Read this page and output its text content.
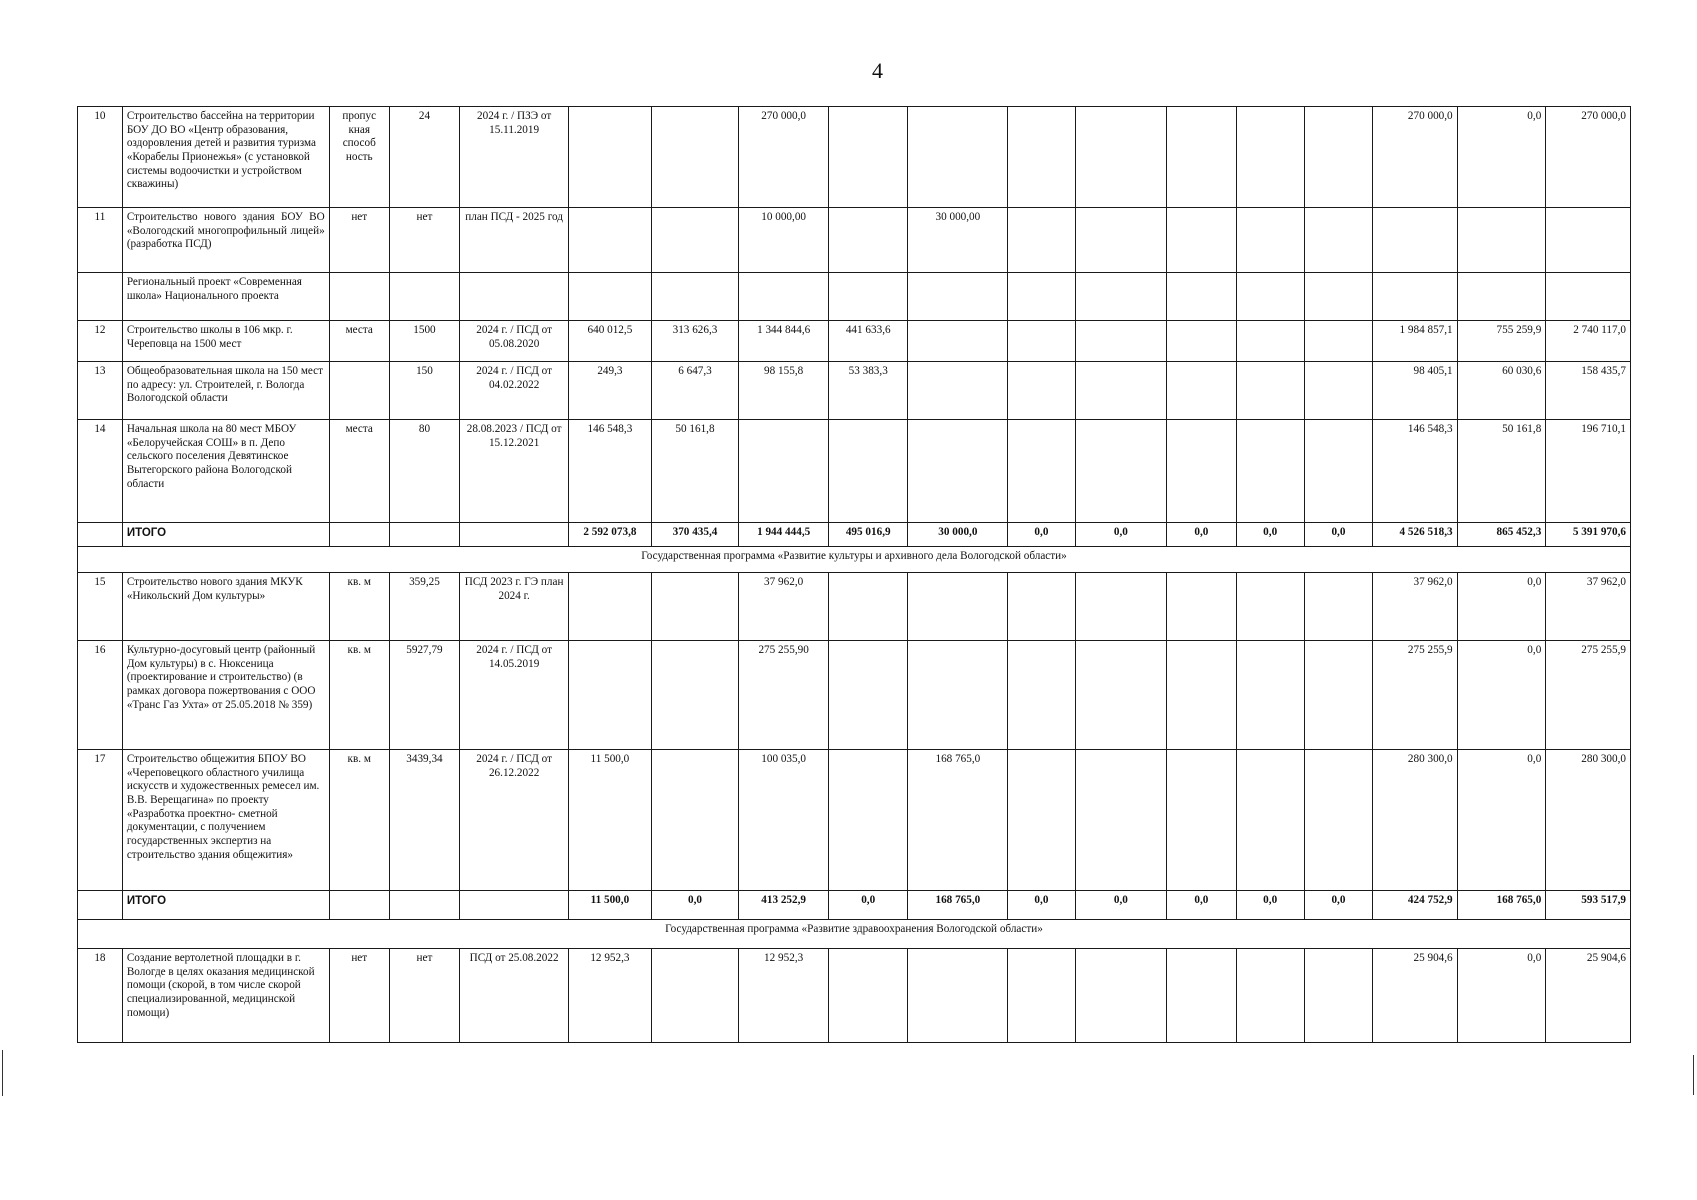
4
10	Строительство бассейна на территории БОУ ДО ВО «Центр образования, оздоровления детей и развития туризма «Корабелы Прионежья» (с установкой системы водоочистки и устройством скважины)	пропус кная способ ность	24	2024 г. / ПЗЭ от 15.11.2019			270 000,0								270 000,0	0,0	270 000,0
11	Строительство нового здания БОУ ВО «Вологодский многопрофильный лицей» (разработка ПСД)	нет	нет	план ПСД - 2025 год			10 000,00		30 000,00								
	Региональный проект «Современная школа» Национального проекта																
12	Строительство школы в 106 мкр. г. Череповца на 1500 мест	места	1500	2024 г. / ПСД от 05.08.2020	640 012,5	313 626,3	1 344 844,6	441 633,6							1 984 857,1	755 259,9	2 740 117,0
13	Общеобразовательная школа на 150 мест по адресу: ул. Строителей, г. Вологда Вологодской области		150	2024 г. / ПСД от 04.02.2022	249,3	6 647,3	98 155,8	53 383,3							98 405,1	60 030,6	158 435,7
14	Начальная школа на 80 мест МБОУ «Белоручейская СОШ» в п. Депо сельского поселения Девятинское Вытегорского района Вологодской области	места	80	28.08.2023 / ПСД от 15.12.2021	146 548,3	50 161,8									146 548,3	50 161,8	196 710,1
	ИТОГО				2 592 073,8	370 435,4	1 944 444,5	495 016,9	30 000,0	0,0	0,0	0,0	0,0	0,0	4 526 518,3	865 452,3	5 391 970,6
Государственная программа «Развитие культуры и архивного дела Вологодской области»																	
15	Строительство нового здания МКУК «Никольский Дом культуры»	кв. м	359,25	ПСД 2023 г. ГЭ план 2024 г.			37 962,0								37 962,0	0,0	37 962,0
16	Культурно-досуговый центр (районный Дом культуры) в с. Нюксеница (проектирование и строительство) (в рамках договора пожертвования с ООО «Транс Газ Ухта» от 25.05.2018 № 359)	кв. м	5927,79	2024 г. / ПСД от 14.05.2019			275 255,90								275 255,9	0,0	275 255,9
17	Строительство общежития БПОУ ВО «Череповецкого областного училища искусств и художественных ремесел им. В.В. Верещагина» по проекту «Разработка проектно- сметной документации, с получением государственных экспертиз на строительство здания общежития»	кв. м	3439,34	2024 г. / ПСД от 26.12.2022	11 500,0		100 035,0		168 765,0						280 300,0	0,0	280 300,0
	ИТОГО				11 500,0	0,0	413 252,9	0,0	168 765,0	0,0	0,0	0,0	0,0	0,0	424 752,9	168 765,0	593 517,9
Государственная программа «Развитие здравоохранения Вологодской области»																	
18	Создание вертолетной площадки в г. Вологде в целях оказания медицинской помощи (скорой, в том числе скорой специализированной, медицинской помощи)	нет	нет	ПСД от 25.08.2022	12 952,3		12 952,3								25 904,6	0,0	25 904,6
